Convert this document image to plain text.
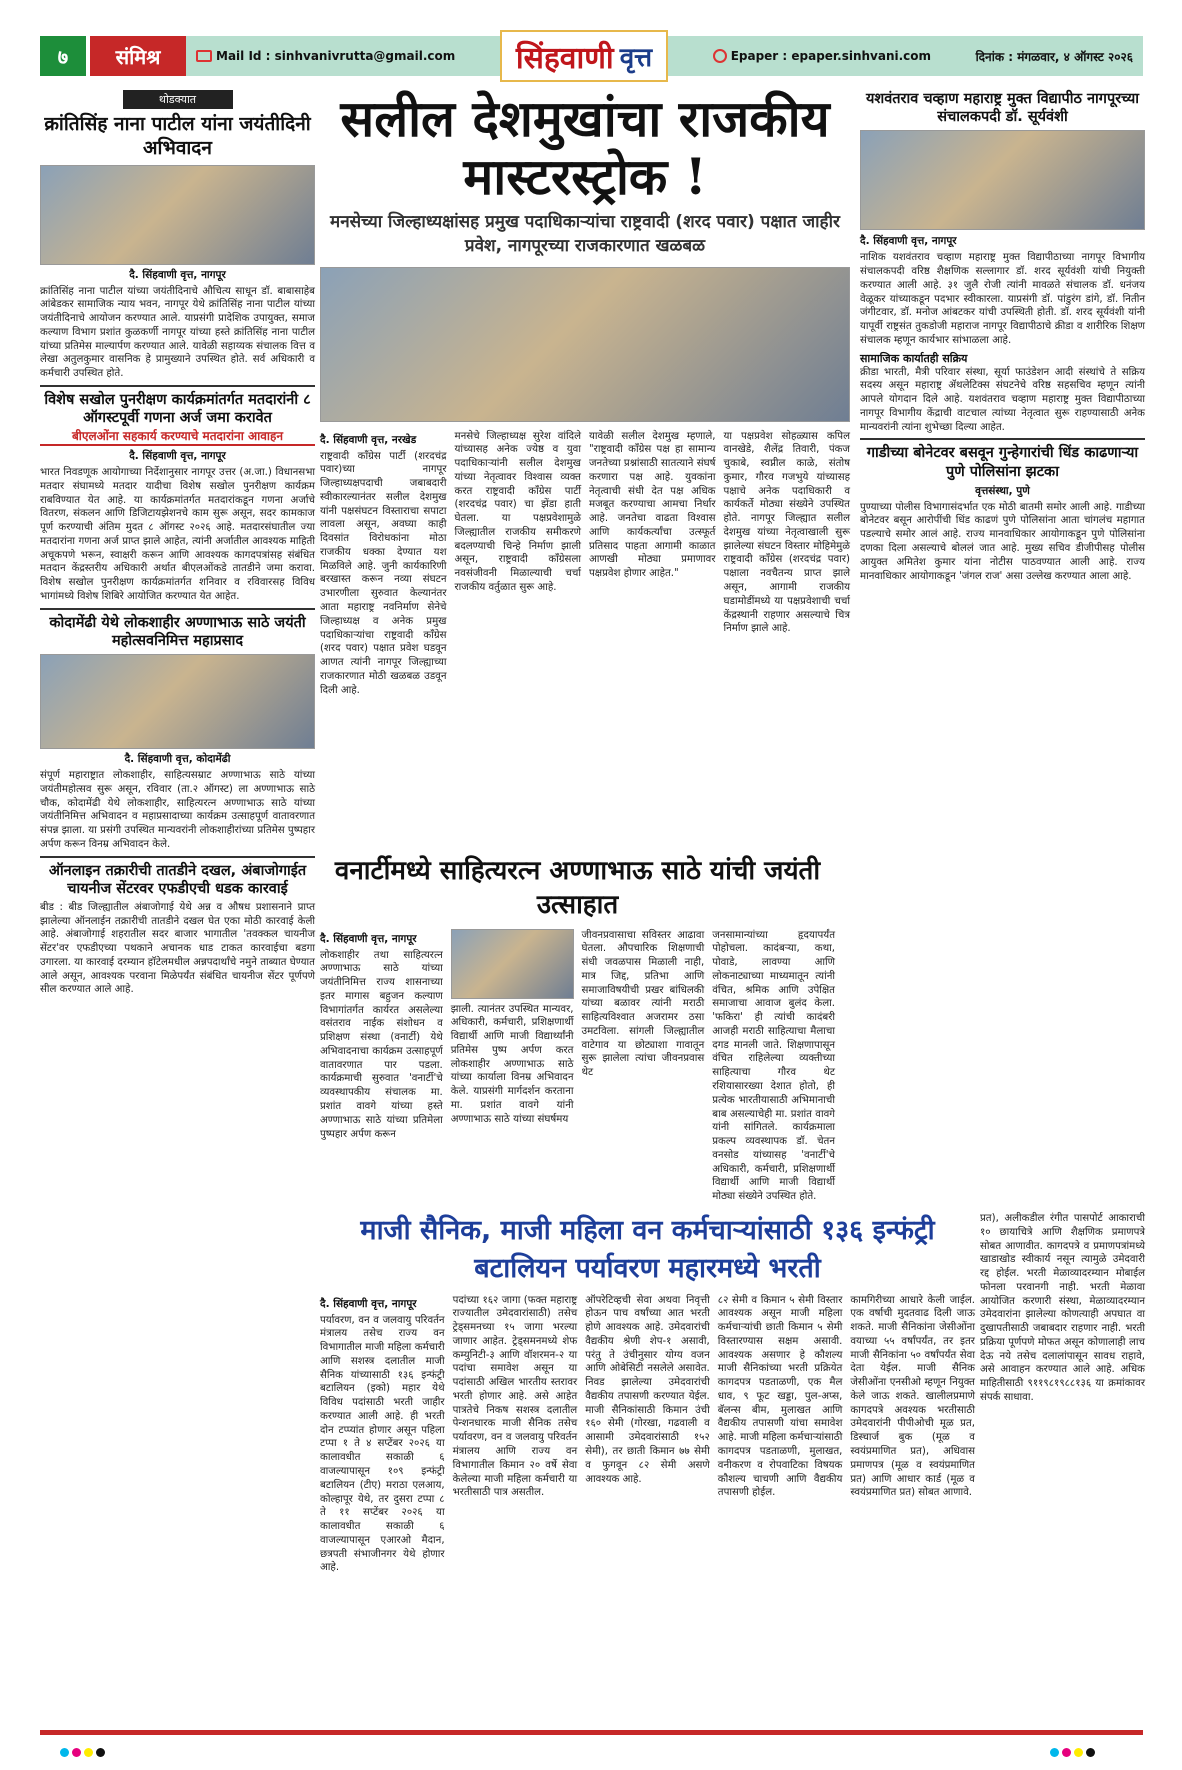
७	संमिश्र	Mail Id : sinhvanivrutta@gmail.com सिंहवाणी वृत्त	Epaper : epaper.sinhvani.com	दिनांक : मंगळवार, ४ ऑगस्ट २०२६
थोडक्यात
क्रांतिसिंह नाना पाटील यांना जयंतीदिनी अभिवादन
दै. सिंहवाणी वृत्त, नागपूर
क्रांतिसिंह नाना पाटील यांच्या जयंतीदिनाचे औचित्य साधून डॉ. बाबासाहेब आंबेडकर सामाजिक न्याय भवन, नागपूर येथे क्रांतिसिंह नाना पाटील यांच्या जयंतीदिनाचे आयोजन करण्यात आले. याप्रसंगी प्रादेशिक उपायुक्त, समाज कल्याण विभाग प्रशांत कुळकर्णी नागपूर यांच्या हस्ते क्रांतिसिंह नाना पाटील यांच्या प्रतिमेस माल्यार्पण करण्यात आले. यावेळी सहाय्यक संचालक वित्त व लेखा अतुलकुमार वासनिक हे प्रामुख्याने उपस्थित होते. सर्व अधिकारी व कर्मचारी उपस्थित होते.
विशेष सखोल पुनरीक्षण कार्यक्रमांतर्गत मतदारांनी ८ ऑगस्टपूर्वी गणना अर्ज जमा करावेत
बीएलओंना सहकार्य करण्याचे मतदारांना आवाहन
दै. सिंहवाणी वृत्त, नागपूर
भारत निवडणूक आयोगाच्या निर्देशानुसार नागपूर उत्तर (अ.जा.) विधानसभा मतदार संघामध्ये मतदार यादीचा विशेष सखोल पुनरीक्षण कार्यक्रम राबविण्यात येत आहे. या कार्यक्रमांतर्गत मतदारांकडून गणना अर्जाचे वितरण, संकलन आणि डिजिटायझेशनचे काम सुरू असून, सदर कामकाज पूर्ण करण्याची अंतिम मुदत ८ ऑगस्ट २०२६ आहे. मतदारसंघातील ज्या मतदारांना गणना अर्ज प्राप्त झाले आहेत, त्यांनी अर्जातील आवश्यक माहिती अचूकपणे भरून, स्वाक्षरी करून आणि आवश्यक कागदपत्रांसह संबंधित मतदान केंद्रस्तरीय अधिकारी अर्थात बीएलओंकडे तातडीने जमा करावा. विशेष सखोल पुनरीक्षण कार्यक्रमांतर्गत शनिवार व रविवारसह विविध भागांमध्ये विशेष शिबिरे आयोजित करण्यात येत आहेत.
कोदामेंढी येथे लोकशाहीर अण्णाभाऊ साठे जयंती महोत्सवनिमित्त महाप्रसाद
दै. सिंहवाणी वृत्त, कोदामेंढी
संपूर्ण महाराष्ट्रात लोकशाहीर, साहित्यसम्राट अण्णाभाऊ साठे यांच्या जयंतीमहोत्सव सुरू असून, रविवार (ता.२ ऑगस्ट) ला अण्णाभाऊ साठे चौक, कोदामेंढी येथे लोकशाहीर, साहित्यरत्न अण्णाभाऊ साठे यांच्या जयंतीनिमित्त अभिवादन व महाप्रसादाच्या कार्यक्रम उत्साहपूर्ण वातावरणात संपन्न झाला. या प्रसंगी उपस्थित मान्यवरांनी लोकशाहीरांच्या प्रतिमेस पुष्पहार अर्पण करून विनम्र अभिवादन केले.
ऑनलाइन तक्रारीची तातडीने दखल, अंबाजोगाईत चायनीज सेंटरवर एफडीएची धडक कारवाई
बीड : बीड जिल्ह्यातील अंबाजोगाई येथे अन्न व औषध प्रशासनाने प्राप्त झालेल्या ऑनलाईन तक्रारीची तातडीने दखल घेत एका मोठी कारवाई केली आहे. अंबाजोगाई शहरातील सदर बाजार भागातील 'तवक्कल चायनीज सेंटर'वर एफडीएच्या पथकाने अचानक धाड टाकत कारवाईचा बडगा उगारला. या कारवाई दरम्यान हॉटेलमधील अन्नपदार्थांचे नमुने ताब्यात घेण्यात आले असून, आवश्यक परवाना मिळेपर्यंत संबंधित चायनीज सेंटर पूर्णपणे सील करण्यात आले आहे.
सलील देशमुखांचा राजकीय मास्टरस्ट्रोक !
मनसेच्या जिल्हाध्यक्षांसह प्रमुख पदाधिकाऱ्यांचा राष्ट्रवादी (शरद पवार) पक्षात जाहीर प्रवेश, नागपूरच्या राजकारणात खळबळ
दै. सिंहवाणी वृत्त, नरखेड
राष्ट्रवादी काँग्रेस पार्टी (शरदचंद्र पवार)च्या नागपूर जिल्हाध्यक्षपदाची जबाबदारी स्वीकारल्यानंतर सलील देशमुख यांनी पक्षसंघटन विस्ताराचा सपाटा लावला असून, अवघ्या काही दिवसांत विरोधकांना मोठा राजकीय धक्का देण्यात यश मिळविले आहे. जुनी कार्यकारिणी बरखास्त करून नव्या संघटन उभारणीला सुरुवात केल्यानंतर आता महाराष्ट्र नवनिर्माण सेनेचे जिल्हाध्यक्ष व अनेक प्रमुख पदाधिकाऱ्यांचा राष्ट्रवादी काँग्रेस (शरद पवार) पक्षात प्रवेश घडवून आणत त्यांनी नागपूर जिल्ह्याच्या राजकारणात मोठी खळबळ उडवून दिली आहे.
मनसेचे जिल्हाध्यक्ष सुरेश वांदिले यांच्यासह अनेक ज्येष्ठ व युवा पदाधिकाऱ्यांनी सलील देशमुख यांच्या नेतृत्वावर विश्वास व्यक्त करत राष्ट्रवादी काँग्रेस पार्टी (शरदचंद्र पवार) चा झेंडा हाती घेतला. या पक्षप्रवेशामुळे जिल्ह्यातील राजकीय समीकरणे बदलण्याची चिन्हे निर्माण झाली असून, राष्ट्रवादी काँग्रेसला नवसंजीवनी मिळाल्याची चर्चा राजकीय वर्तुळात सुरू आहे.
यावेळी सलील देशमुख म्हणाले, "राष्ट्रवादी काँग्रेस पक्ष हा सामान्य जनतेच्या प्रश्नांसाठी सातत्याने संघर्ष करणारा पक्ष आहे. युवकांना नेतृत्वाची संधी देत पक्ष अधिक मजबूत करण्याचा आमचा निर्धार आहे. जनतेचा वाढता विश्वास आणि कार्यकर्त्यांचा उत्स्फूर्त प्रतिसाद पाहता आगामी काळात आणखी मोठ्या प्रमाणावर पक्षप्रवेश होणार आहेत."
या पक्षप्रवेश सोहळ्यास कपिल वानखेडे, शैलेंद्र तिवारी, पंकज चुकाबे, स्वप्नील काळे, संतोष कुमार, गौरव गजभुये यांच्यासह पक्षाचे अनेक पदाधिकारी व कार्यकर्ते मोठ्या संख्येने उपस्थित होते. नागपूर जिल्ह्यात सलील देशमुख यांच्या नेतृत्वाखाली सुरू झालेल्या संघटन विस्तार मोहिमेमुळे राष्ट्रवादी काँग्रेस (शरदचंद्र पवार) पक्षाला नवचैतन्य प्राप्त झाले असून, आगामी राजकीय घडामोडींमध्ये या पक्षप्रवेशाची चर्चा केंद्रस्थानी राहणार असल्याचे चित्र निर्माण झाले आहे.
यशवंतराव चव्हाण महाराष्ट्र मुक्त विद्यापीठ नागपूरच्या संचालकपदी डॉ. सूर्यवंशी
दै. सिंहवाणी वृत्त, नागपूर
नाशिक यशवंतराव चव्हाण महाराष्ट्र मुक्त विद्यापीठाच्या नागपूर विभागीय संचालकपदी वरिष्ठ शैक्षणिक सल्लागार डॉ. शरद सूर्यवंशी यांची नियुक्ती करण्यात आली आहे. ३१ जुलै रोजी त्यांनी मावळते संचालक डॉ. धनंजय वेळूकर यांच्याकडून पदभार स्वीकारला. याप्रसंगी डॉ. पांडुरंग डांगे, डॉ. नितीन जंगीटवार, डॉ. मनोज आंबटकर यांची उपस्थिती होती. डॉ. शरद सूर्यवंशी यांनी यापूर्वी राष्ट्रसंत तुकडोजी महाराज नागपूर विद्यापीठाचे क्रीडा व शारीरिक शिक्षण संचालक म्हणून कार्यभार सांभाळला आहे.
सामाजिक कार्यातही सक्रिय
क्रीडा भारती, मैत्री परिवार संस्था, सूर्या फाउंडेशन आदी संस्थांचे ते सक्रिय सदस्य असून महाराष्ट्र ॲथलेटिक्स संघटनेचे वरिष्ठ सहसचिव म्हणून त्यांनी आपले योगदान दिले आहे. यशवंतराव चव्हाण महाराष्ट्र मुक्त विद्यापीठाच्या नागपूर विभागीय केंद्राची वाटचाल त्यांच्या नेतृत्वात सुरू राहण्यासाठी अनेक मान्यवरांनी त्यांना शुभेच्छा दिल्या आहेत.
गाडीच्या बोनेटवर बसवून गुन्हेगारांची धिंड काढणाऱ्या पुणे पोलिसांना झटका
वृत्तसंस्था, पुणे
पुण्याच्या पोलीस विभागासंदर्भात एक मोठी बातमी समोर आली आहे. गाडीच्या बोनेटवर बसून आरोपींची धिंड काढणं पुणे पोलिसांना आता चांगलंच महागात पडल्याचे समोर आलं आहे. राज्य मानवाधिकार आयोगाकडून पुणे पोलिसांना दणका दिला असल्याचे बोललं जात आहे. मुख्य सचिव डीजीपीसह पोलीस आयुक्त अमितेश कुमार यांना नोटीस पाठवण्यात आली आहे. राज्य मानवाधिकार आयोगाकडून 'जंगल राज' असा उल्लेख करण्यात आला आहे.
वनार्टीमध्ये साहित्यरत्न अण्णाभाऊ साठे यांची जयंती उत्साहात
दै. सिंहवाणी वृत्त, नागपूर
लोकशाहीर तथा साहित्यरत्न अण्णाभाऊ साठे यांच्या जयंतीनिमित्त राज्य शासनाच्या इतर मागास बहुजन कल्याण विभागांतर्गत कार्यरत असलेल्या वसंतराव नाईक संशोधन व प्रशिक्षण संस्था (वनार्टी) येथे अभिवादनाचा कार्यक्रम उत्साहपूर्ण वातावरणात पार पडला. कार्यक्रमाची सुरुवात 'वनार्टी'चे व्यवस्थापकीय संचालक मा. प्रशांत वावगे यांच्या हस्ते अण्णाभाऊ साठे यांच्या प्रतिमेला पुष्पहार अर्पण करून
झाली. त्यानंतर उपस्थित मान्यवर, अधिकारी, कर्मचारी, प्रशिक्षणार्थी विद्यार्थी आणि माजी विद्यार्थ्यांनी प्रतिमेस पुष्प अर्पण करत लोकशाहीर अण्णाभाऊ साठे यांच्या कार्याला विनम्र अभिवादन केले. याप्रसंगी मार्गदर्शन करताना मा. प्रशांत वावगे यांनी अण्णाभाऊ साठे यांच्या संघर्षमय
जीवनप्रवासाचा सविस्तर आढावा घेतला. औपचारिक शिक्षणाची संधी जवळपास मिळाली नाही, मात्र जिद्द, प्रतिभा आणि समाजाविषयीची प्रखर बांधिलकी यांच्या बळावर त्यांनी मराठी साहित्यविश्वात अजरामर ठसा उमटविला. सांगली जिल्ह्यातील वाटेगाव या छोट्याशा गावातून सुरू झालेला त्यांचा जीवनप्रवास थेट
जनसामान्यांच्या हृदयापर्यंत पोहोचला. कादंबऱ्या, कथा, पोवाडे, लावण्या आणि लोकनाट्याच्या माध्यमातून त्यांनी वंचित, श्रमिक आणि उपेक्षित समाजाचा आवाज बुलंद केला. 'फकिरा' ही त्यांची कादंबरी आजही मराठी साहित्याचा मैलाचा दगड मानली जाते. शिक्षणापासून वंचित राहिलेल्या व्यक्तीच्या साहित्याचा गौरव थेट रशियासारख्या देशात होतो, ही प्रत्येक भारतीयासाठी अभिमानाची बाब असल्याचेही मा. प्रशांत वावगे यांनी सांगितले. कार्यक्रमाला प्रकल्प व्यवस्थापक डॉ. चेतन वनसोड यांच्यासह 'वनार्टी'चे अधिकारी, कर्मचारी, प्रशिक्षणार्थी विद्यार्थी आणि माजी विद्यार्थी मोठ्या संख्येने उपस्थित होते.
माजी सैनिक, माजी महिला वन कर्मचाऱ्यांसाठी १३६ इन्फंट्री बटालियन पर्यावरण महारमध्ये भरती
दै. सिंहवाणी वृत्त, नागपूर
पर्यावरण, वन व जलवायु परिवर्तन मंत्रालय तसेच राज्य वन विभागातील माजी महिला कर्मचारी आणि सशस्त्र दलातील माजी सैनिक यांच्यासाठी १३६ इन्फंट्री बटालियन (इको) महार येथे विविध पदांसाठी भरती जाहीर करण्यात आली आहे. ही भरती दोन टप्प्यांत होणार असून पहिला टप्पा १ ते ४ सप्टेंबर २०२६ या कालावधीत सकाळी ६ वाजल्यापासून १०९ इन्फंट्री बटालियन (टीए) मराठा एलआय, कोल्हापूर येथे, तर दुसरा टप्पा ८ ते ११ सप्टेंबर २०२६ या कालावधीत सकाळी ६ वाजल्यापासून एआरओ मैदान, छत्रपती संभाजीनगर येथे होणार आहे.
पदांच्या १६२ जागा (फक्त महाराष्ट्र राज्यातील उमेदवारांसाठी) तसेच ट्रेड्समनच्या १५ जागा भरल्या जाणार आहेत. ट्रेड्समनमध्ये शेफ कम्युनिटी-३ आणि वॉशरमन-२ या पदांचा समावेश असून या पदांसाठी अखिल भारतीय स्तरावर भरती होणार आहे. असे आहेत पात्रतेचे निकष सशस्त्र दलातील पेन्शनधारक माजी सैनिक तसेच पर्यावरण, वन व जलवायु परिवर्तन मंत्रालय आणि राज्य वन विभागातील किमान २० वर्षे सेवा केलेल्या माजी महिला कर्मचारी या भरतीसाठी पात्र असतील.
ऑपरेटिव्हची सेवा अथवा निवृत्ती होऊन पाच वर्षांच्या आत भरती होणे आवश्यक आहे. उमेदवारांची वैद्यकीय श्रेणी शेप-१ असावी, परंतु ते उंचीनुसार योग्य वजन आणि ओबेसिटी नसलेले असावेत. निवड झालेल्या उमेदवारांची वैद्यकीय तपासणी करण्यात येईल. माजी सैनिकांसाठी किमान उंची १६० सेमी (गोरखा, गढवाली व आसामी उमेदवारांसाठी १५२ सेमी), तर छाती किमान ७७ सेमी व फुगवून ८२ सेमी असणे आवश्यक आहे.
८२ सेमी व किमान ५ सेमी विस्तार आवश्यक असून माजी महिला कर्मचाऱ्यांची छाती किमान ५ सेमी विस्तारण्यास सक्षम असावी. आवश्यक असणार हे कौशल्य माजी सैनिकांच्या भरती प्रक्रियेत कागदपत्र पडताळणी, एक मैल धाव, ९ फूट खड्डा, पुल-अप्स, बॅलन्स बीम, मुलाखत आणि वैद्यकीय तपासणी यांचा समावेश आहे. माजी महिला कर्मचाऱ्यांसाठी कागदपत्र पडताळणी, मुलाखत, वनीकरण व रोपवाटिका विषयक कौशल्य चाचणी आणि वैद्यकीय तपासणी होईल.
कामगिरीच्या आधारे केली जाईल. एक वर्षाची मुदतवाढ दिली जाऊ शकते. माजी सैनिकांना जेसीओंना वयाच्या ५५ वर्षांपर्यंत, तर इतर माजी सैनिकांना ५० वर्षांपर्यंत सेवा देता येईल. माजी सैनिक जेसीओंना एनसीओ म्हणून नियुक्त केले जाऊ शकते. खालीलप्रमाणे कागदपत्रे अवश्यक भरतीसाठी उमेदवारांनी पीपीओची मूळ प्रत, डिस्चार्ज बुक (मूळ व स्वयंप्रमाणित प्रत), अधिवास प्रमाणपत्र (मूळ व स्वयंप्रमाणित प्रत) आणि आधार कार्ड (मूळ व स्वयंप्रमाणित प्रत) सोबत आणावे.
प्रत), अलीकडील रंगीत पासपोर्ट आकाराची १० छायाचित्रे आणि शैक्षणिक प्रमाणपत्रे सोबत आणावीत. कागदपत्रे व प्रमाणपत्रांमध्ये खाडाखोड स्वीकार्य नसून त्यामुळे उमेदवारी रद्द होईल. भरती मेळाव्यादरम्यान मोबाईल फोनला परवानगी नाही. भरती मेळावा आयोजित करणारी संस्था, मेळाव्यादरम्यान उमेदवारांना झालेल्या कोणत्याही अपघात वा दुखापतीसाठी जबाबदार राहणार नाही. भरती प्रक्रिया पूर्णपणे मोफत असून कोणालाही लाच देऊ नये तसेच दलालांपासून सावध राहावे, असे आवाहन करण्यात आले आहे. अधिक माहितीसाठी ९११९८१९८८१३६ या क्रमांकावर संपर्क साधावा.
